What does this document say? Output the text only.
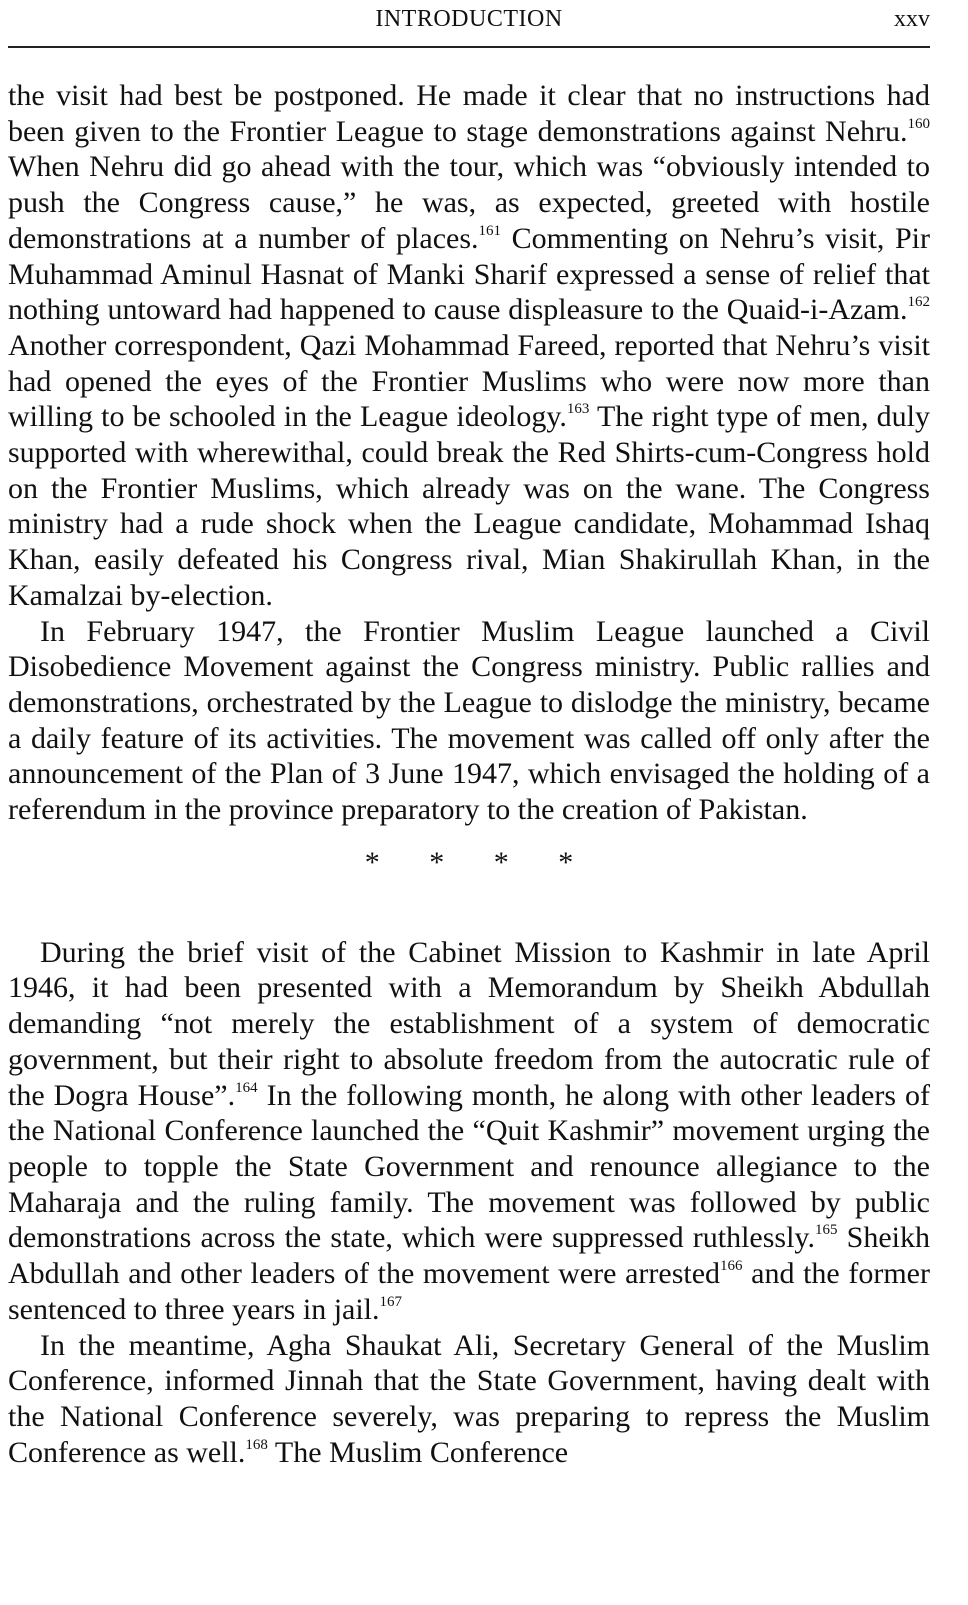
INTRODUCTION	xxv

the visit had best be postponed. He made it clear that no instructions had been given to the Frontier League to stage demonstrations against Nehru.$^{160}$ When Nehru did go ahead with the tour, which was “obviously intended to push the Congress cause,” he was, as expected, greeted with hostile demonstrations at a number of places.$^{161}$ Commenting on Nehru’s visit, Pir Muhammad Aminul Hasnat of Manki Sharif expressed a sense of relief that nothing untoward had happened to cause displeasure to the Quaid-i-Azam.$^{162}$ Another correspondent, Qazi Mohammad Fareed, reported that Nehru’s visit had opened the eyes of the Frontier Muslims who were now more than willing to be schooled in the League ideology.$^{163}$ The right type of men, duly supported with wherewithal, could break the Red Shirts-cum-Congress hold on the Frontier Muslims, which already was on the wane. The Congress ministry had a rude shock when the League candidate, Mohammad Ishaq Khan, easily defeated his Congress rival, Mian Shakirullah Khan, in the Kamalzai by-election.

In February 1947, the Frontier Muslim League launched a Civil Disobedience Movement against the Congress ministry. Public rallies and demonstrations, orchestrated by the League to dislodge the ministry, became a daily feature of its activities. The movement was called off only after the announcement of the Plan of 3 June 1947, which envisaged the holding of a referendum in the province preparatory to the creation of Pakistan.

* * * *

During the brief visit of the Cabinet Mission to Kashmir in late April 1946, it had been presented with a Memorandum by Sheikh Abdullah demanding “not merely the establishment of a system of democratic government, but their right to absolute freedom from the autocratic rule of the Dogra House”.$^{164}$ In the following month, he along with other leaders of the National Conference launched the “Quit Kashmir” movement urging the people to topple the State Government and renounce allegiance to the Maharaja and the ruling family. The movement was followed by public demonstrations across the state, which were suppressed ruthlessly.$^{165}$ Sheikh Abdullah and other leaders of the movement were arrested$^{166}$ and the former sentenced to three years in jail.$^{167}$

In the meantime, Agha Shaukat Ali, Secretary General of the Muslim Conference, informed Jinnah that the State Government, having dealt with the National Conference severely, was preparing to repress the Muslim Conference as well.$^{168}$ The Muslim Conference
